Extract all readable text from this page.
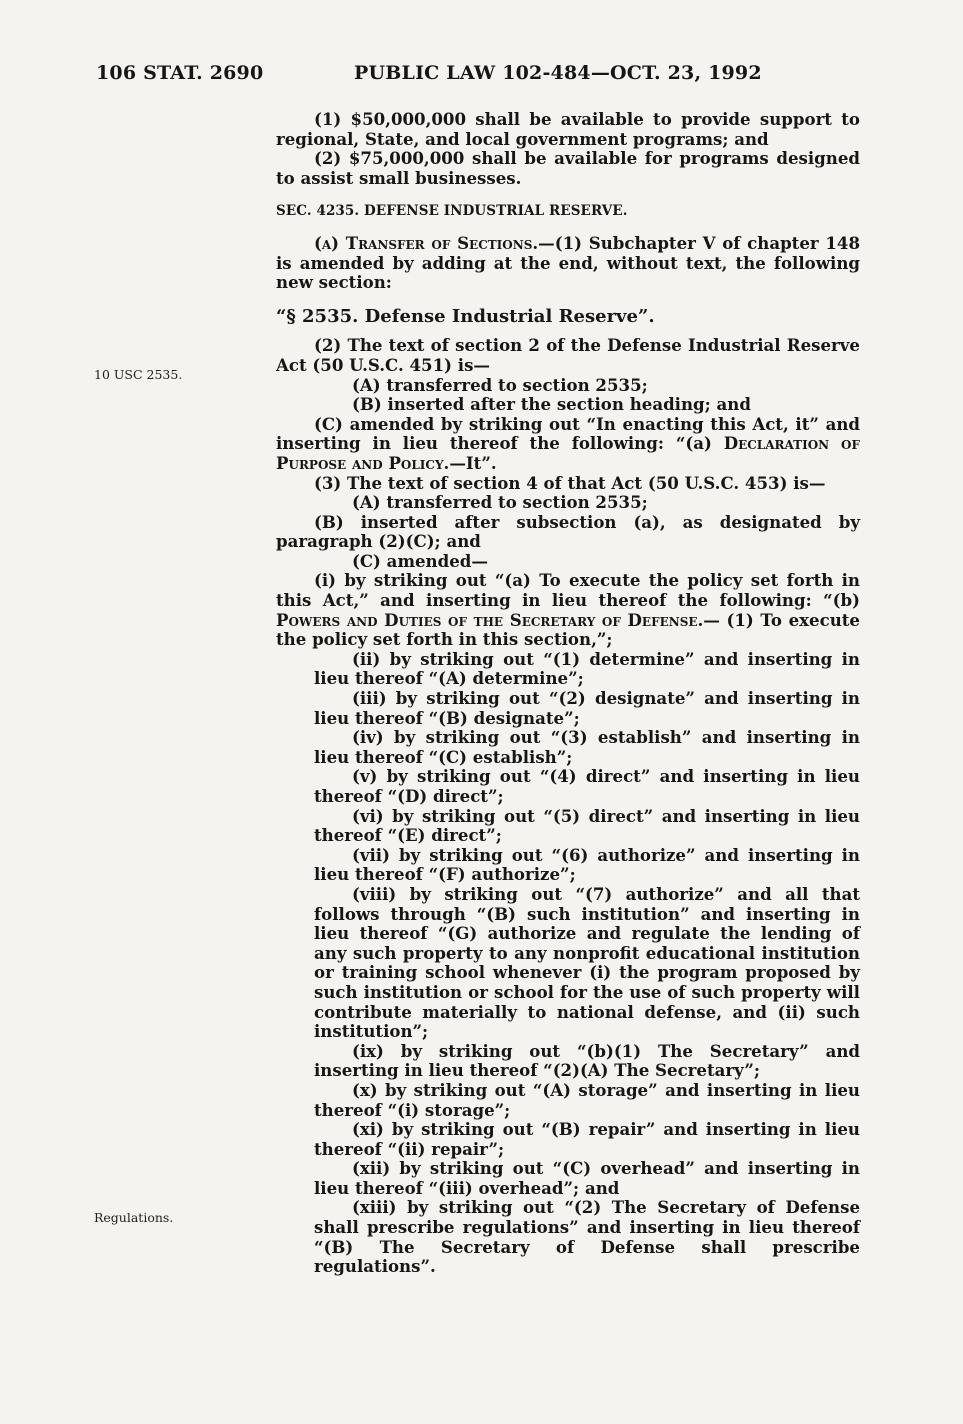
106 STAT. 2690	PUBLIC LAW 102-484—OCT. 23, 1992
10 USC 2535.
Regulations.

(1) $50,000,000 shall be available to provide support to regional, State, and local government programs; and

(2) $75,000,000 shall be available for programs designed to assist small businesses.

SEC. 4235. DEFENSE INDUSTRIAL RESERVE.

(a) Transfer of Sections.—(1) Subchapter V of chapter 148 is amended by adding at the end, without text, the following new section:

“§ 2535. Defense Industrial Reserve”.

(2) The text of section 2 of the Defense Industrial Reserve Act (50 U.S.C. 451) is—

(A) transferred to section 2535;

(B) inserted after the section heading; and

(C) amended by striking out “In enacting this Act, it” and inserting in lieu thereof the following: “(a) Declaration of Purpose and Policy.—It”.

(3) The text of section 4 of that Act (50 U.S.C. 453) is—

(A) transferred to section 2535;

(B) inserted after subsection (a), as designated by paragraph (2)(C); and

(C) amended—

(i) by striking out “(a) To execute the policy set forth in this Act,” and inserting in lieu thereof the following: “(b) Powers and Duties of the Secretary of Defense.— (1) To execute the policy set forth in this section,”;

(ii) by striking out “(1) determine” and inserting in lieu thereof “(A) determine”;

(iii) by striking out “(2) designate” and inserting in lieu thereof “(B) designate”;

(iv) by striking out “(3) establish” and inserting in lieu thereof “(C) establish”;

(v) by striking out “(4) direct” and inserting in lieu thereof “(D) direct”;

(vi) by striking out “(5) direct” and inserting in lieu thereof “(E) direct”;

(vii) by striking out “(6) authorize” and inserting in lieu thereof “(F) authorize”;

(viii) by striking out “(7) authorize” and all that follows through “(B) such institution” and inserting in lieu thereof “(G) authorize and regulate the lending of any such property to any nonprofit educational institution or training school whenever (i) the program proposed by such institution or school for the use of such property will contribute materially to national defense, and (ii) such institution”;

(ix) by striking out “(b)(1) The Secretary” and inserting in lieu thereof “(2)(A) The Secretary”;

(x) by striking out “(A) storage” and inserting in lieu thereof “(i) storage”;

(xi) by striking out “(B) repair” and inserting in lieu thereof “(ii) repair”;

(xii) by striking out “(C) overhead” and inserting in lieu thereof “(iii) overhead”; and

(xiii) by striking out “(2) The Secretary of Defense shall prescribe regulations” and inserting in lieu thereof “(B) The Secretary of Defense shall prescribe regulations”.
